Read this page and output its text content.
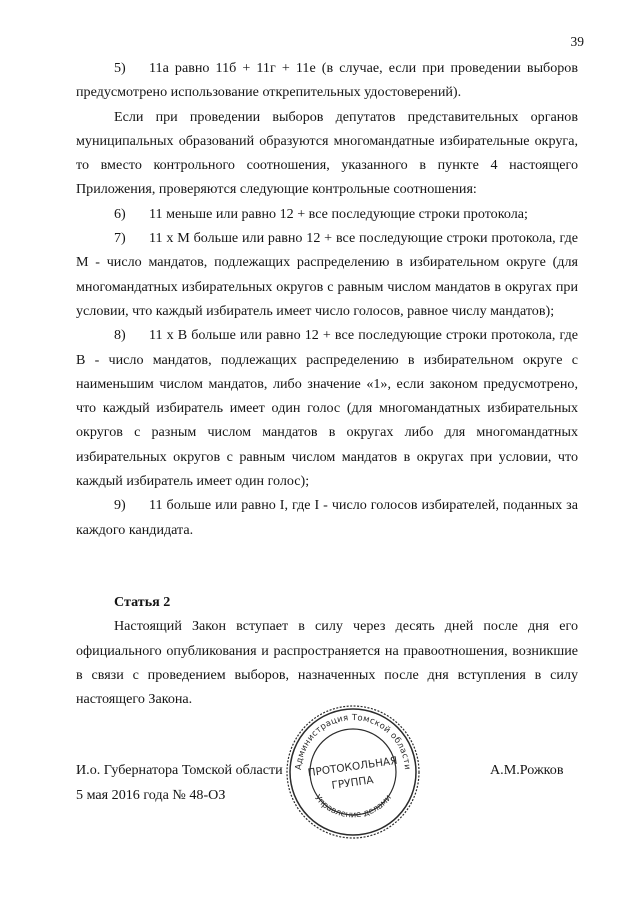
39

5) 11а равно 11б + 11г + 11е (в случае, если при проведении выборов предусмотрено использование открепительных удостоверений).

Если при проведении выборов депутатов представительных органов муниципальных образований образуются многомандатные избирательные округа, то вместо контрольного соотношения, указанного в пункте 4 настоящего Приложения, проверяются следующие контрольные соотношения:

6) 11 меньше или равно 12 + все последующие строки протокола;

7) 11 x М больше или равно 12 + все последующие строки протокола, где М - число мандатов, подлежащих распределению в избирательном округе (для многомандатных избирательных округов с равным числом мандатов в округах при условии, что каждый избиратель имеет число голосов, равное числу мандатов);

8) 11 x В больше или равно 12 + все последующие строки протокола, где В - число мандатов, подлежащих распределению в избирательном округе с наименьшим числом мандатов, либо значение «1», если законом предусмотрено, что каждый избиратель имеет один голос (для многомандатных избирательных округов с разным числом мандатов в округах либо для многомандатных избирательных округов с равным числом мандатов в округах при условии, что каждый избиратель имеет один голос);

9) 11 больше или равно I, где I - число голосов избирателей, поданных за каждого кандидата.

Статья 2

Настоящий Закон вступает в силу через десять дней после дня его официального опубликования и распространяется на правоотношения, возникшие в связи с проведением выборов, назначенных после дня вступления в силу настоящего Закона.

И.о. Губернатора Томской области
5 мая 2016 года № 48-ОЗ
А.М.Рожков
Администрация Томской области
Управление делами
ПРОТОКОЛЬНАЯ
ГРУППА
